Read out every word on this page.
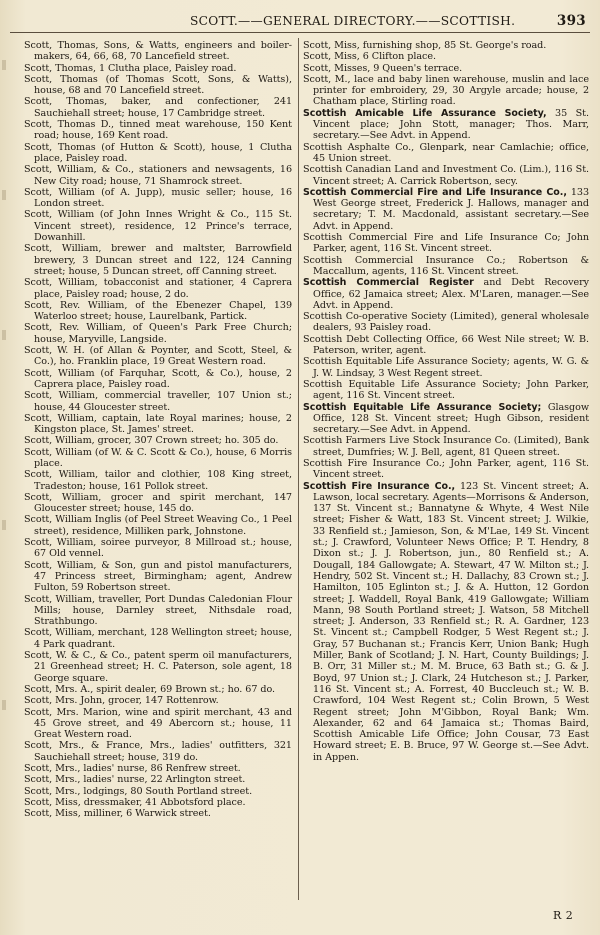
SCOTT.——GENERAL DIRECTORY.——SCOTTISH.	393

Scott, Thomas, Sons, & Watts, engineers and boiler-makers, 64, 66, 68, 70 Lancefield street.

Scott, Thomas, 1 Clutha place, Paisley road.

Scott, Thomas (of Thomas Scott, Sons, & Watts), house, 68 and 70 Lancefield street.

Scott, Thomas, baker, and confectioner, 241 Sauchiehall street; house, 17 Cambridge street.

Scott, Thomas D., tinned meat warehouse, 150 Kent road; house, 169 Kent road.

Scott, Thomas (of Hutton & Scott), house, 1 Clutha place, Paisley road.

Scott, William, & Co., stationers and newsagents, 16 New City road; house, 71 Shamrock street.

Scott, William (of A. Jupp), music seller; house, 16 London street.

Scott, William (of John Innes Wright & Co., 115 St. Vincent street), residence, 12 Prince's terrace, Dowanhill.

Scott, William, brewer and maltster, Barrowfield brewery, 3 Duncan street and 122, 124 Canning street; house, 5 Duncan street, off Canning street.

Scott, William, tobacconist and stationer, 4 Caprera place, Paisley road; house, 2 do.

Scott, Rev. William, of the Ebenezer Chapel, 139 Waterloo street; house, Laurelbank, Partick.

Scott, Rev. William, of Queen's Park Free Church; house, Maryville, Langside.

Scott, W. H. (of Allan & Poynter, and Scott, Steel, & Co.), ho. Franklin place, 19 Great Western road.

Scott, William (of Farquhar, Scott, & Co.), house, 2 Caprera place, Paisley road.

Scott, William, commercial traveller, 107 Union st.; house, 44 Gloucester street.

Scott, William, captain, late Royal marines; house, 2 Kingston place, St. James' street.

Scott, William, grocer, 307 Crown street; ho. 305 do.

Scott, William (of W. & C. Scott & Co.), house, 6 Morris place.

Scott, William, tailor and clothier, 108 King street, Tradeston; house, 161 Pollok street.

Scott, William, grocer and spirit merchant, 147 Gloucester street; house, 145 do.

Scott, William Inglis (of Peel Street Weaving Co., 1 Peel street), residence, Milliken park, Johnstone.

Scott, William, soiree purveyor, 8 Millroad st.; house, 67 Old vennel.

Scott, William, & Son, gun and pistol manufacturers, 47 Princess street, Birmingham; agent, Andrew Fulton, 59 Robertson street.

Scott, William, traveller, Port Dundas Caledonian Flour Mills; house, Darnley street, Nithsdale road, Strathbungo.

Scott, William, merchant, 128 Wellington street; house, 4 Park quadrant.

Scott, W. & C., & Co., patent sperm oil manufacturers, 21 Greenhead street; H. C. Paterson, sole agent, 18 George square.

Scott, Mrs. A., spirit dealer, 69 Brown st.; ho. 67 do.

Scott, Mrs. John, grocer, 147 Rottenrow.

Scott, Mrs. Marion, wine and spirit merchant, 43 and 45 Grove street, and 49 Abercorn st.; house, 11 Great Western road.

Scott, Mrs., & France, Mrs., ladies' outfitters, 321 Sauchiehall street; house, 319 do.

Scott, Mrs., ladies' nurse, 86 Renfrew street.

Scott, Mrs., ladies' nurse, 22 Arlington street.

Scott, Mrs., lodgings, 80 South Portland street.

Scott, Miss, dressmaker, 41 Abbotsford place.

Scott, Miss, milliner, 6 Warwick street.

Scott, Miss, furnishing shop, 85 St. George's road.

Scott, Miss, 6 Clifton place.

Scott, Misses, 9 Queen's terrace.

Scott, M., lace and baby linen warehouse, muslin and lace printer for embroidery, 29, 30 Argyle arcade; house, 2 Chatham place, Stirling road.

Scottish Amicable Life Assurance Society, 35 St. Vincent place; John Stott, manager; Thos. Marr, secretary.—See Advt. in Append.

Scottish Asphalte Co., Glenpark, near Camlachie; office, 45 Union street.

Scottish Canadian Land and Investment Co. (Lim.), 116 St. Vincent street; A. Carrick Robertson, secy.

Scottish Commercial Fire and Life Insurance Co., 133 West George street, Frederick J. Hallows, manager and secretary; T. M. Macdonald, assistant secretary.—See Advt. in Append.

Scottish Commercial Fire and Life Insurance Co; John Parker, agent, 116 St. Vincent street.

Scottish Commercial Insurance Co.; Robertson & Maccallum, agents, 116 St. Vincent street.

Scottish Commercial Register and Debt Recovery Office, 62 Jamaica street; Alex. M'Laren, manager.—See Advt. in Append.

Scottish Co-operative Society (Limited), general wholesale dealers, 93 Paisley road.

Scottish Debt Collecting Office, 66 West Nile street; W. B. Paterson, writer, agent.

Scottish Equitable Life Assurance Society; agents, W. G. & J. W. Lindsay, 3 West Regent street.

Scottish Equitable Life Assurance Society; John Parker, agent, 116 St. Vincent street.

Scottish Equitable Life Assurance Society; Glasgow Office, 128 St. Vincent street; Hugh Gibson, resident secretary.—See Advt. in Append.

Scottish Farmers Live Stock Insurance Co. (Limited), Bank street, Dumfries; W. J. Bell, agent, 81 Queen street.

Scottish Fire Insurance Co.; John Parker, agent, 116 St. Vincent street.

Scottish Fire Insurance Co., 123 St. Vincent street; A. Lawson, local secretary. Agents—Morrisons & Anderson, 137 St. Vincent st.; Bannatyne & Whyte, 4 West Nile street; Fisher & Watt, 183 St. Vincent street; J. Wilkie, 33 Renfield st.; Jamieson, Son, & M'Lae, 149 St. Vincent st.; J. Crawford, Volunteer News Office; P. T. Hendry, 8 Dixon st.; J. J. Robertson, jun., 80 Renfield st.; A. Dougall, 184 Gallowgate; A. Stewart, 47 W. Milton st.; J. Hendry, 502 St. Vincent st.; H. Dallachy, 83 Crown st.; J. Hamilton, 105 Eglinton st.; J. & A. Hutton, 12 Gordon street; J. Waddell, Royal Bank, 419 Gallowgate; William Mann, 98 South Portland street; J. Watson, 58 Mitchell street; J. Anderson, 33 Renfield st.; R. A. Gardner, 123 St. Vincent st.; Campbell Rodger, 5 West Regent st.; J. Gray, 57 Buchanan st.; Francis Kerr, Union Bank; Hugh Miller, Bank of Scotland; J. N. Hart, County Buildings; J. B. Orr, 31 Miller st.; M. M. Bruce, 63 Bath st.; G. & J. Boyd, 97 Union st.; J. Clark, 24 Hutcheson st.; J. Parker, 116 St. Vincent st.; A. Forrest, 40 Buccleuch st.; W. B. Crawford, 104 West Regent st.; Colin Brown, 5 West Regent street; John M'Gibbon, Royal Bank; Wm. Alexander, 62 and 64 Jamaica st.; Thomas Baird, Scottish Amicable Life Office; John Cousar, 73 East Howard street; E. B. Bruce, 97 W. George st.—See Advt. in Appen.

R 2
